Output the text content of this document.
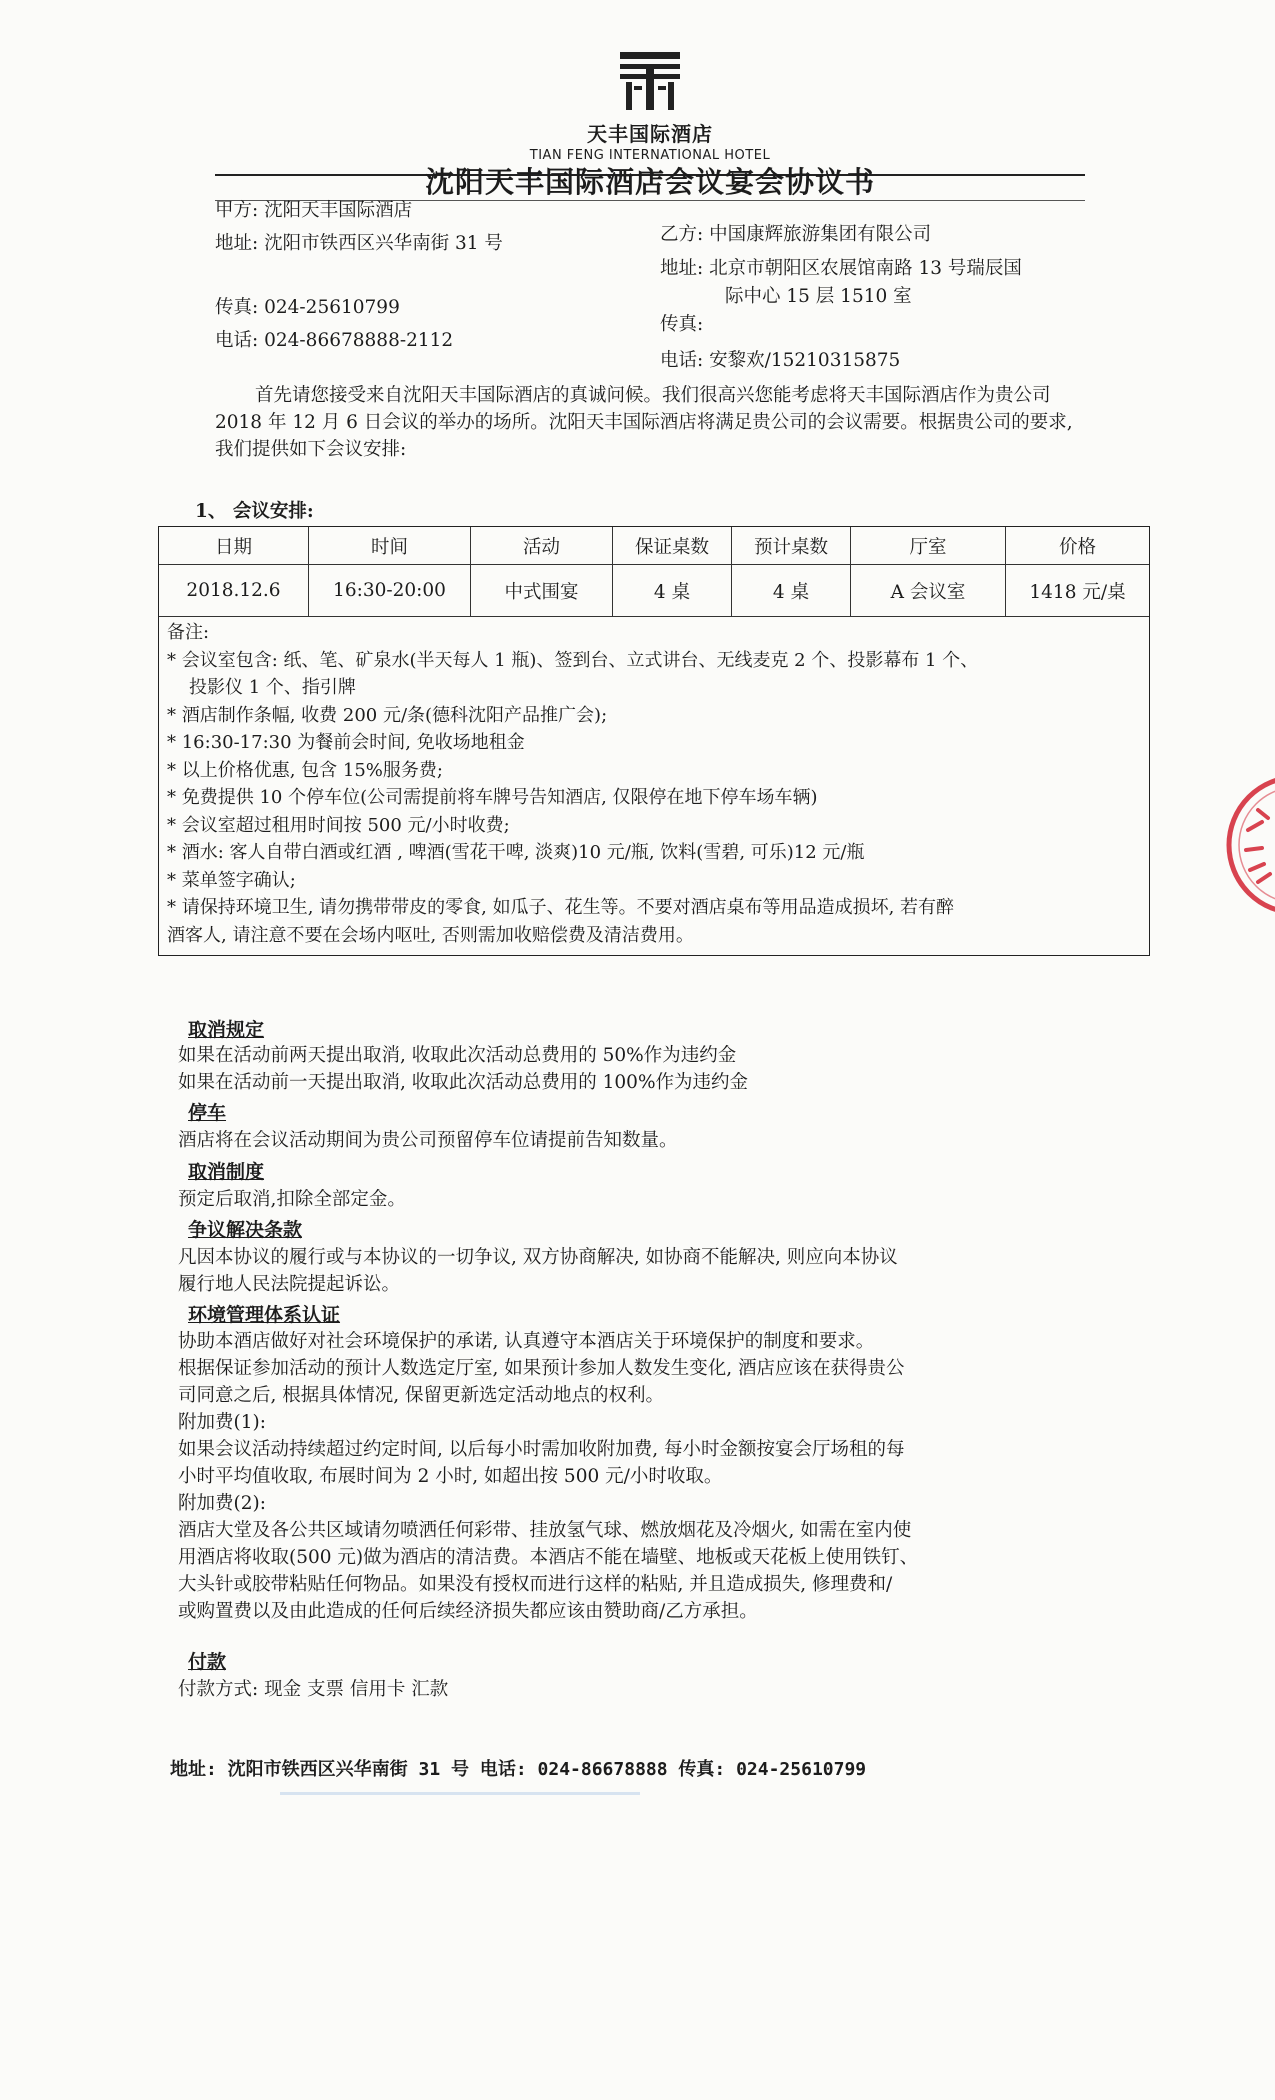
天丰国际酒店
TIAN FENG INTERNATIONAL HOTEL
沈阳天丰国际酒店会议宴会协议书
甲方: 沈阳天丰国际酒店
地址: 沈阳市铁西区兴华南街 31 号
传真: 024-25610799
电话: 024-86678888-2112
乙方: 中国康辉旅游集团有限公司
地址: 北京市朝阳区农展馆南路 13 号瑞辰国
际中心 15 层 1510 室
传真:
电话: 安黎欢/15210315875
首先请您接受来自沈阳天丰国际酒店的真诚问候。我们很高兴您能考虑将天丰国际酒店作为贵公司 2018 年 12 月 6 日会议的举办的场所。沈阳天丰国际酒店将满足贵公司的会议需要。根据贵公司的要求, 我们提供如下会议安排:
1、 会议安排:
日期	时间	活动	保证桌数	预计桌数	厅室	价格
2018.12.6	16:30-20:00	中式围宴	4 桌	4 桌	A 会议室	1418 元/桌
备注:
* 会议室包含: 纸、笔、矿泉水(半天每人 1 瓶)、签到台、立式讲台、无线麦克 2 个、投影幕布 1 个、
投影仪 1 个、指引牌
* 酒店制作条幅, 收费 200 元/条(德科沈阳产品推广会);
* 16:30-17:30 为餐前会时间, 免收场地租金
* 以上价格优惠, 包含 15%服务费;
* 免费提供 10 个停车位(公司需提前将车牌号告知酒店, 仅限停在地下停车场车辆)
* 会议室超过租用时间按 500 元/小时收费;
* 酒水: 客人自带白酒或红酒 , 啤酒(雪花干啤, 淡爽)10 元/瓶, 饮料(雪碧, 可乐)12 元/瓶
* 菜单签字确认;
* 请保持环境卫生, 请勿携带带皮的零食, 如瓜子、花生等。不要对酒店桌布等用品造成损坏, 若有醉
酒客人, 请注意不要在会场内呕吐, 否则需加收赔偿费及清洁费用。
取消规定
如果在活动前两天提出取消, 收取此次活动总费用的 50%作为违约金
如果在活动前一天提出取消, 收取此次活动总费用的 100%作为违约金
停车
酒店将在会议活动期间为贵公司预留停车位请提前告知数量。
取消制度
预定后取消,扣除全部定金。
争议解决条款
凡因本协议的履行或与本协议的一切争议, 双方协商解决, 如协商不能解决, 则应向本协议
履行地人民法院提起诉讼。
环境管理体系认证
协助本酒店做好对社会环境保护的承诺, 认真遵守本酒店关于环境保护的制度和要求。
根据保证参加活动的预计人数选定厅室, 如果预计参加人数发生变化, 酒店应该在获得贵公
司同意之后, 根据具体情况, 保留更新选定活动地点的权利。
附加费(1):
如果会议活动持续超过约定时间, 以后每小时需加收附加费, 每小时金额按宴会厅场租的每
小时平均值收取, 布展时间为 2 小时, 如超出按 500 元/小时收取。
附加费(2):
酒店大堂及各公共区域请勿喷洒任何彩带、挂放氢气球、燃放烟花及冷烟火, 如需在室内使
用酒店将收取(500 元)做为酒店的清洁费。本酒店不能在墙壁、地板或天花板上使用铁钉、
大头针或胶带粘贴任何物品。如果没有授权而进行这样的粘贴, 并且造成损失, 修理费和/
或购置费以及由此造成的任何后续经济损失都应该由赞助商/乙方承担。
付款
付款方式: 现金 支票 信用卡 汇款
地址: 沈阳市铁西区兴华南街 31 号 电话: 024-86678888 传真: 024-25610799
